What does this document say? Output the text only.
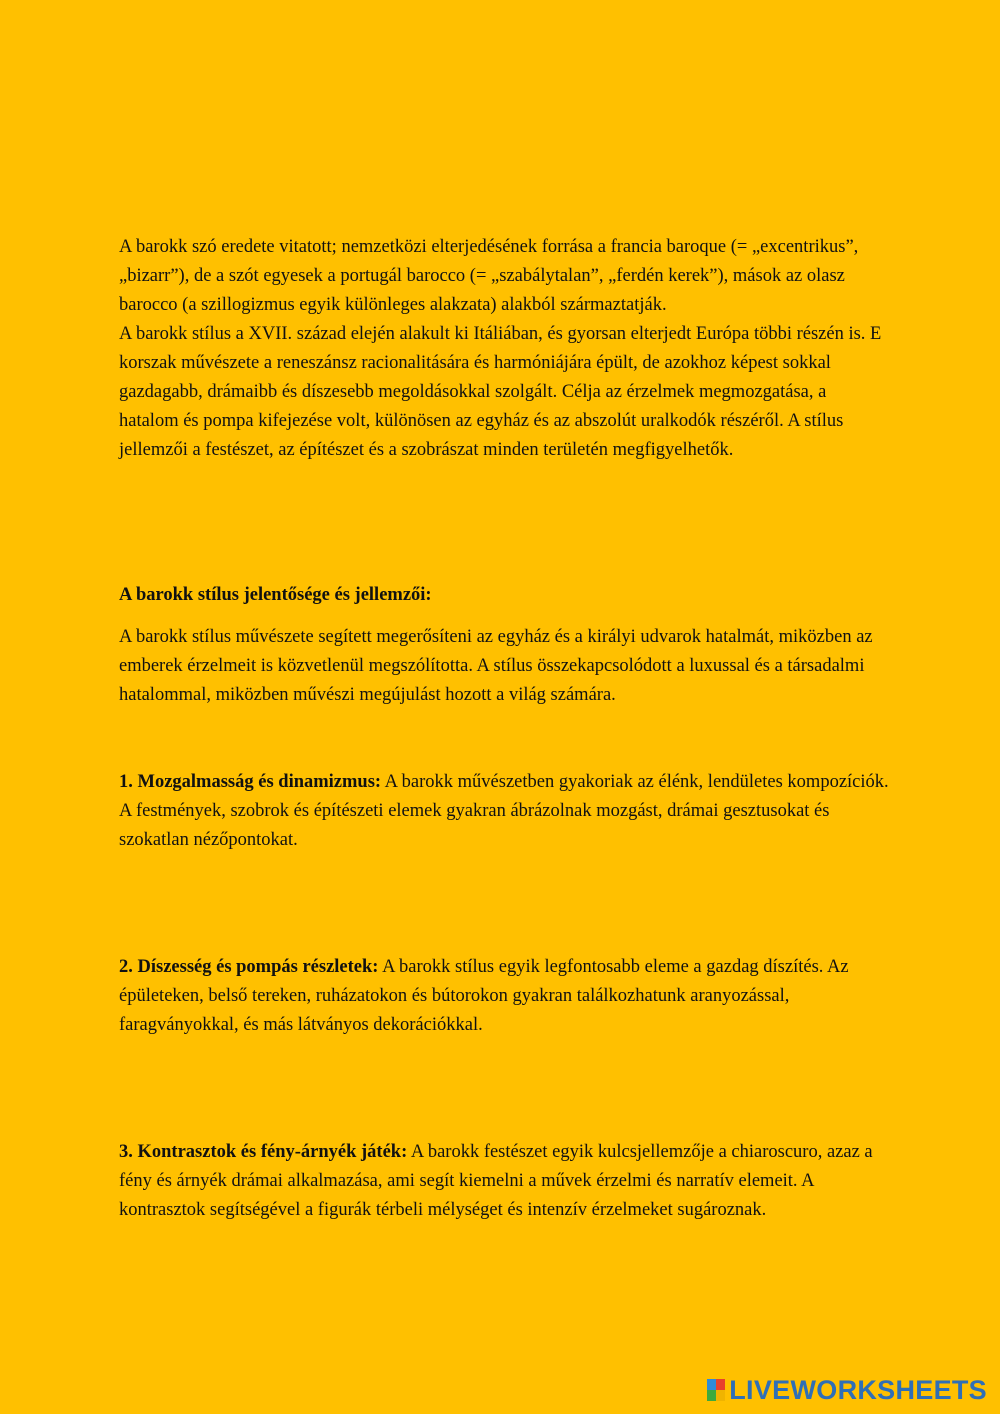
A barokk szó eredete vitatott; nemzetközi elterjedésének forrása a francia baroque (= „excentrikus”, „bizarr”), de a szót egyesek a portugál barocco (= „szabálytalan”, „ferdén kerek”), mások az olasz barocco (a szillogizmus egyik különleges alakzata) alakból származtatják.

A barokk stílus a XVII. század elején alakult ki Itáliában, és gyorsan elterjedt Európa többi részén is. E korszak művészete a reneszánsz racionalitására és harmóniájára épült, de azokhoz képest sokkal gazdagabb, drámaibb és díszesebb megoldásokkal szolgált. Célja az érzelmek megmozgatása, a hatalom és pompa kifejezése volt, különösen az egyház és az abszolút uralkodók részéről. A stílus jellemzői a festészet, az építészet és a szobrászat minden területén megfigyelhetők.

A barokk stílus jelentősége és jellemzői:

A barokk stílus művészete segített megerősíteni az egyház és a királyi udvarok hatalmát, miközben az emberek érzelmeit is közvetlenül megszólította. A stílus összekapcsolódott a luxussal és a társadalmi hatalommal, miközben művészi megújulást hozott a világ számára.

1. Mozgalmasság és dinamizmus: A barokk művészetben gyakoriak az élénk, lendületes kompozíciók. A festmények, szobrok és építészeti elemek gyakran ábrázolnak mozgást, drámai gesztusokat és szokatlan nézőpontokat.

2. Díszesség és pompás részletek: A barokk stílus egyik legfontosabb eleme a gazdag díszítés. Az épületeken, belső tereken, ruházatokon és bútorokon gyakran találkozhatunk aranyozással, faragványokkal, és más látványos dekorációkkal.

3. Kontrasztok és fény-árnyék játék: A barokk festészet egyik kulcsjellemzője a chiaroscuro, azaz a fény és árnyék drámai alkalmazása, ami segít kiemelni a művek érzelmi és narratív elemeit. A kontrasztok segítségével a figurák térbeli mélységet és intenzív érzelmeket sugároznak.

LIVEWORKSHEETS
